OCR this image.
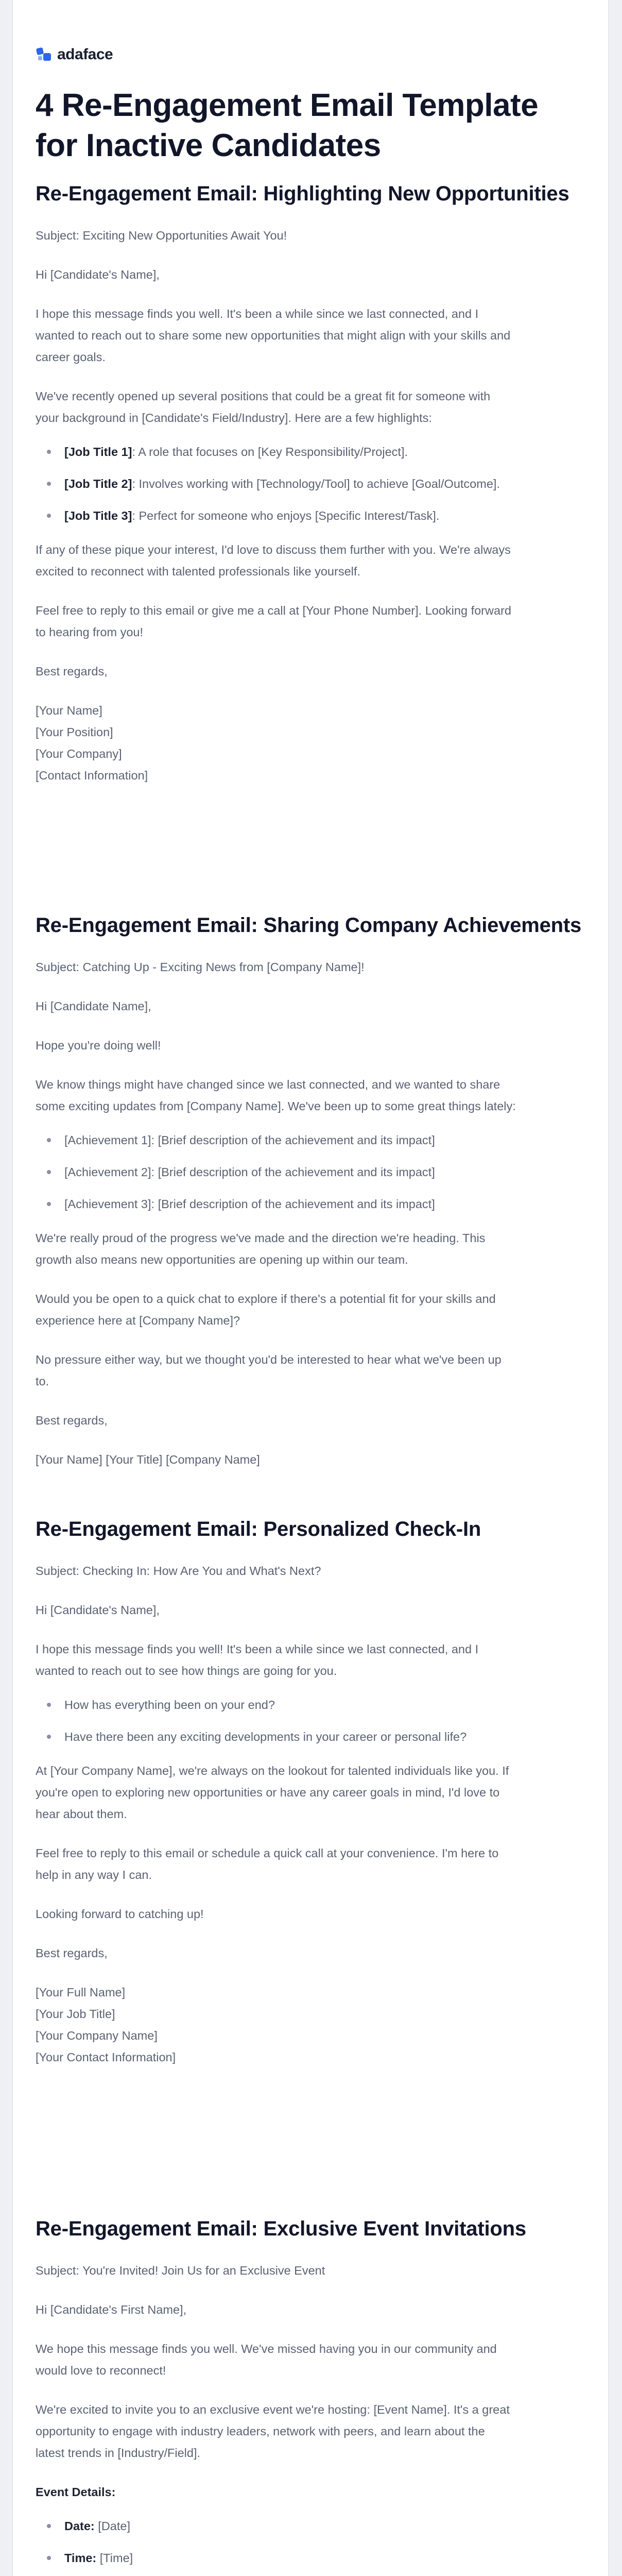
adaface
4 Re-Engagement Email Template for Inactive Candidates
Re-Engagement Email: Highlighting New Opportunities

Subject: Exciting New Opportunities Await You!

Hi [Candidate's Name],

I hope this message finds you well. It's been a while since we last connected, and I
wanted to reach out to share some new opportunities that might align with your skills and
career goals.

We've recently opened up several positions that could be a great fit for someone with
your background in [Candidate's Field/Industry]. Here are a few highlights:

[Job Title 1]: A role that focuses on [Key Responsibility/Project].
[Job Title 2]: Involves working with [Technology/Tool] to achieve [Goal/Outcome].
[Job Title 3]: Perfect for someone who enjoys [Specific Interest/Task].

If any of these pique your interest, I'd love to discuss them further with you. We're always
excited to reconnect with talented professionals like yourself.

Feel free to reply to this email or give me a call at [Your Phone Number]. Looking forward
to hearing from you!

Best regards,

[Your Name]
[Your Position]
[Your Company]
[Contact Information]

Re-Engagement Email: Sharing Company Achievements

Subject: Catching Up - Exciting News from [Company Name]!

Hi [Candidate Name],

Hope you're doing well!

We know things might have changed since we last connected, and we wanted to share
some exciting updates from [Company Name]. We've been up to some great things lately:

[Achievement 1]: [Brief description of the achievement and its impact]
[Achievement 2]: [Brief description of the achievement and its impact]
[Achievement 3]: [Brief description of the achievement and its impact]

We're really proud of the progress we've made and the direction we're heading. This
growth also means new opportunities are opening up within our team.

Would you be open to a quick chat to explore if there's a potential fit for your skills and
experience here at [Company Name]?

No pressure either way, but we thought you'd be interested to hear what we've been up
to.

Best regards,

[Your Name] [Your Title] [Company Name]

Re-Engagement Email: Personalized Check-In

Subject: Checking In: How Are You and What's Next?

Hi [Candidate's Name],

I hope this message finds you well! It's been a while since we last connected, and I
wanted to reach out to see how things are going for you.

How has everything been on your end?
Have there been any exciting developments in your career or personal life?

At [Your Company Name], we're always on the lookout for talented individuals like you. If
you're open to exploring new opportunities or have any career goals in mind, I'd love to
hear about them.

Feel free to reply to this email or schedule a quick call at your convenience. I'm here to
help in any way I can.

Looking forward to catching up!

Best regards,

[Your Full Name]
[Your Job Title]
[Your Company Name]
[Your Contact Information]

Re-Engagement Email: Exclusive Event Invitations

Subject: You're Invited! Join Us for an Exclusive Event

Hi [Candidate's First Name],

We hope this message finds you well. We've missed having you in our community and
would love to reconnect!

We're excited to invite you to an exclusive event we're hosting: [Event Name]. It's a great
opportunity to engage with industry leaders, network with peers, and learn about the
latest trends in [Industry/Field].

Event Details:

Date: [Date]
Time: [Time]
